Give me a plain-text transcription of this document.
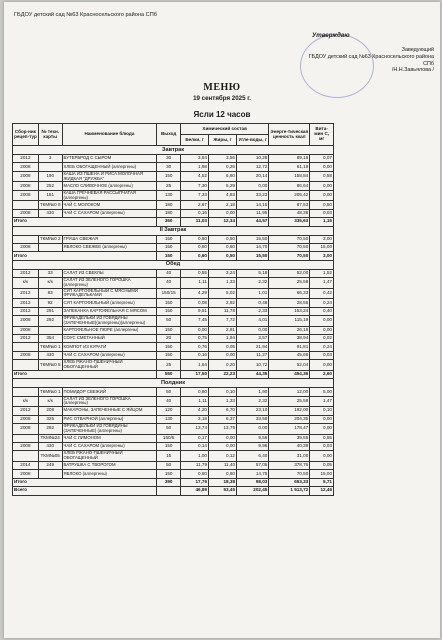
ГБДОУ детский сад №63 Красносельского района СПб
Утверждаю
Заведующий
ГБДОУ детский сад №63 Красносельского района СПб
/Н.Н.Завьялова /
МЕНЮ
19 сентября 2025 г.
Ясли 12 часов
Сбор-ник рецеп-тур	№ техн. карты	Наименование блюда	Выход	Химический состав			Энерге-тическая ценность ккал	Вита-мин С, мг
				Белки, г	Жиры, г	Угле-воды, г		
Завтрак								
2012	3	БУТЕРБРОД С СЫРОМ	30	3,84	3,56	10,28	89,16	0,07
2008		ХЛЕБ ОБОГАЩЕННЫЙ (аллергены)	30	1,98	0,26	12,72	61,19	0,00
2008	190	КАША ИЗ ПШЕНА И РИСА МОЛОЧНАЯ ЖИДКАЯ "ДРУЖБА"	150	4,52	6,60	20,14	158,84	0,58
2008	252	МАСЛО СЛИВОЧНОЕ (аллергены)	25	7,30	5,29	0,00	86,64	0,00
2008	181	КАША ГРЕЧНЕВАЯ РАССЫПЧАТАЯ (аллергены)	130	7,33	4,83	33,23	205,42	0,00
	ТКМ№0 8	ЧАЙ С МОЛОКОМ	180	2,67	2,18	14,15	87,53	0,50
2008	430	ЧАЙ С САХАРОМ (аллергены)	180	0,16	0,00	11,95	48,36	0,03
Итого			360	11,03	12,34	44,57	335,63	1,15
II Завтрак								
	ТКМ№0 2	ГРУША СВЕЖАЯ	150	0,60	0,50	15,50	70,50	3,00
2008		ЯБЛОКО СВЕЖЕЕ (аллергены)	150	0,60	0,60	14,70	70,50	15,00
Итого			150	0,60	0,50	15,50	70,50	3,00
Обед								
2012	33	САЛАТ ИЗ СВЕКЛЫ	40	0,55	3,24	5,18	52,00	1,52
к/к	к/к	САЛАТ ИЗ ЗЕЛЕНОГО ГОРОШКА (аллергены)	40	1,11	1,33	2,32	25,58	1,47
2012	83	СУП КАРТОФЕЛЬНЫЙ С МЯСНЫМИ ФРИКАДЕЛЬКАМИ	150/15	4,29	5,02	1,01	66,33	0,42
2012	92	СУП КАРТОФЕЛЬНЫЙ (аллергены)	150	0,08	2,92	0,48	28,55	0,24
2012	291	ЗАПЕКАНКА КАРТОФЕЛЬНАЯ С МЯСОМ	150	9,51	11,78	2,33	153,24	0,40
2008	292	ФРИКАДЕЛЬКИ ИЗ ГОВЯДИНЫ (ЗАПЕЧЕННЫЕ)(аллергены)(аллергены)	50	7,45	7,72	4,01	115,19	0,00
2008		КАРТОФЕЛЬНОЕ ПЮРЕ (аллергены)	150	0,00	2,91	0,00	26,16	0,00
2012	354	СОУС СМЕТАННЫЙ	20	0,75	1,94	3,57	38,94	0,02
	ТКМ№0 1	КОМПОТ ИЗ КУРАГИ	150	0,76	0,05	21,94	91,81	0,24
2008	430	ЧАЙ С САХАРОМ (аллергены)	150	0,16	0,00	11,27	45,66	0,03
	ТКМ№0 5	ХЛЕБ РЖАНО-ПШЕНИЧНЫЙ ОБОГАЩЕННЫЙ	25	1,64	0,20	10,72	52,04	0,00
Итого			550	17,50	22,23	44,35	454,36	2,60
Полдник								
	ТКМ№0 1	ПОМИДОР СВЕЖИЙ	50	0,60	0,10	1,90	12,00	5,00
к/к	к/к	САЛАТ ИЗ ЗЕЛЕНОГО ГОРОШКА (аллергены)	40	1,11	1,33	2,32	25,58	1,47
2012	208	МАКАРОНЫ, ЗАПЕЧЕННЫЕ С ЯЙЦОМ	120	4,20	6,70	23,10	192,00	0,10
2008	325	РИС ОТВАРНОЙ (аллергены)	130	3,18	6,37	33,59	204,35	0,00
2008	292	ФРИКАДЕЛЬКИ ИЗ ГОВЯДИНЫ (ЗАПЕЧЕННЫЕ) (аллергены)	50	13,74	13,75	0,00	178,47	0,00
	ТКМ№24	ЧАЙ С ЛИМОНОМ	150/5	0,17	0,00	9,56	39,55	0,55
2008	430	ЧАЙ С САХАРОМ (аллергены)	150	0,14	0,00	9,96	40,39	0,03
	ТКМ№05	ХЛЕБ РЖАНО-ПШЕНИЧНЫЙ ОБОГАЩЕННЫЙ	15	1,00	0,12	6,40	31,00	0,00
2014	249	ВАТРУШКА С ТВОРОГОМ	50	11,79	11,40	57,05	378,76	0,05
2008		ЯБЛОКО (аллергены)	150	0,60	0,60	14,75	70,50	15,00
Итого			390	17,76	18,38	98,03	653,33	5,71
Всего				46,89	53,45	202,45	1 513,72	12,46
